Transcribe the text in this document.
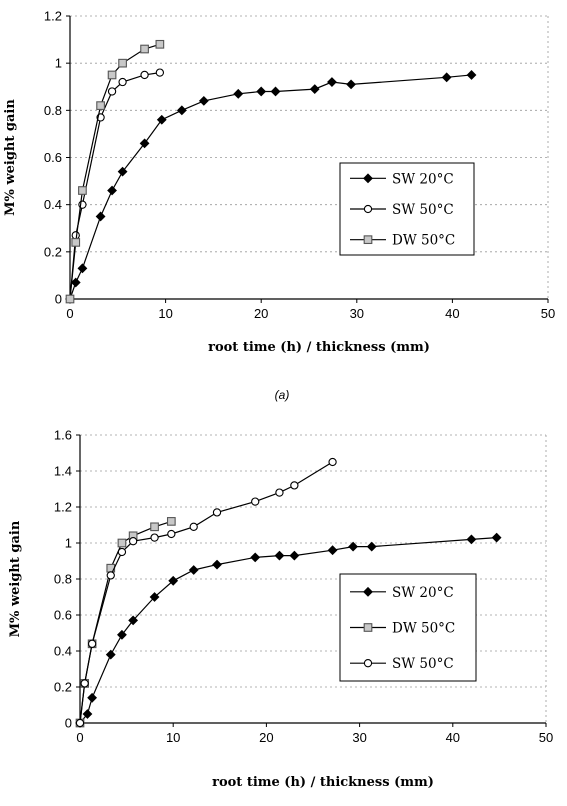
0
0.2
0.4
0.6
0.8
1
1.2
0	10	20	30	40	50
root time (h) / thickness (mm)
M% weight gain	SW 20°C
SW 50°C
DW 50°C
(a)
0
0.2
0.4
0.6
0.8
1
1.2
1.4
1.6
0	10	20	30	40	50
root time (h) / thickness (mm)
M% weight gain	SW 20°C
DW 50°C
SW 50°C
